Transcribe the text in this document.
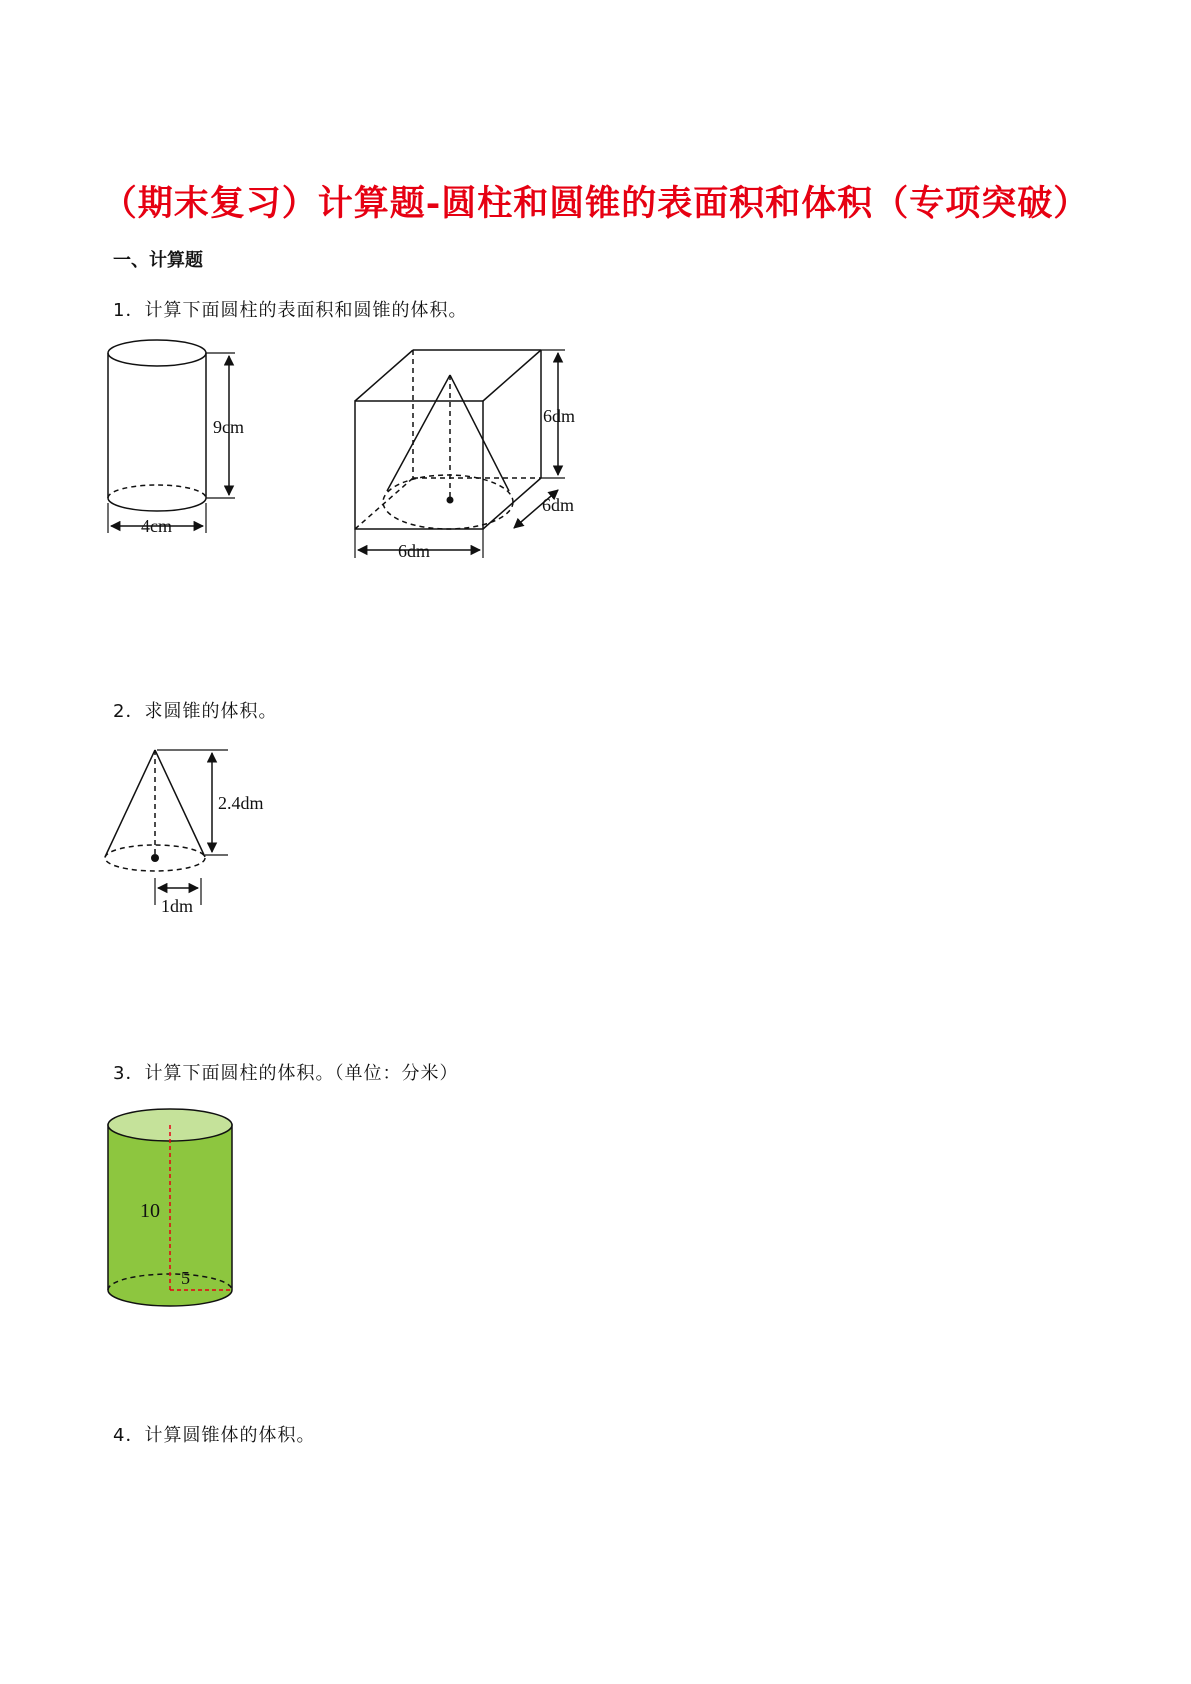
（期末复习）计算题-圆柱和圆锥的表面积和体积（专项突破）
一、计算题

1．计算下面圆柱的表面积和圆锥的体积。

9cm
4cm
6dm
6dm
6dm

2．求圆锥的体积。

2.4dm
1dm

3．计算下面圆柱的体积。（单位：分米）

10
5

4．计算圆锥体的体积。
